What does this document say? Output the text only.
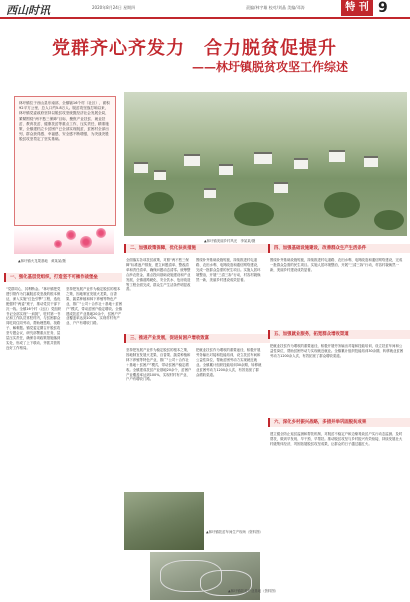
西山时讯	2020年8月24日 星期四	责编/林宇雄 校对/刘晶 美编/邓涛	特 刊 9
党群齐心齐发力　合力脱贫促提升
——林圩镇脱贫攻坚工作综述
林圩镇位于西山县东南部，全镇辖16个村（社区），面积92平方公里，总人口约5.8万人。脱贫攻坚战打响以来，林圩镇党委政府坚持以脱贫攻坚统揽经济社会发展全局，紧紧围绕“两不愁三保障”目标，聚焦产业扶贫、就业扶贫、教育扶贫、健康扶贫等重点工作，压实责任，精准施策，全镇建档立卡贫困户已全部实现脱贫，贫困村全部出列，群众获得感、幸福感、安全感不断增强，为决战决胜脱贫攻坚奠定了坚实基础。
▲林圩镇火龙果基地　黄某某/摄
▲林圩镇美丽乡村风光　李某某/摄
一、强化基层党组织，打造坚不可摧作战堡垒
“党群同心，其利断金。”林圩镇把党建引领作为打赢脱贫攻坚战的根本保证，深入实施“红色引擎”工程，选优配强村“两委”班子，推动党员干部下沉一线。全镇16个村（社区）党组织书记全部实现“一肩挑”，驻村第一书记和工作队员常驻村内，与贫困群众同吃同住同劳动，帮助理思路、找路子、解难题。镇党委定期召开脱贫攻坚专题会议，研究部署重点任务，层层压实责任，确保各项政策措施落到实处，形成了上下联动、齐抓共管的良好工作格局。
坚持把发展产业作为稳定脱贫的根本之策，因地制宜发展火龙果、百香果、蔬菜种植和林下养殖等特色产业，推广“公司＋合作社＋基地＋贫困户”模式，带动贫困户稳定增收。全镇建成扶贫产业基地20余个，贫困户产业覆盖率达到100%，实现村村有产业、户户有增收门路。
二、加强政策保障，优化扶贫措施
全面落实各项扶贫政策，对照“两不愁三保障”标准逐户排查，建立问题清单、整改清单和责任清单，确保问题动态清零。统筹整合涉农资金，重点投向基础设施建设和产业发展，全镇道路硬化、安全饮水、危房改造等工程全面完成，群众生产生活条件明显改善。
围绕补齐基础设施短板，持续推进村屯道路、农田水利、电网改造和通信网络建设，完成一批群众急需的民生项目。实施人居环境整治，开展“三清三拆”行动，村容村貌焕然一新，美丽乡村建设成效显著。
三、推进产业发展，促进贫困户增收致富
坚持把发展产业作为稳定脱贫的根本之策，因地制宜发展火龙果、百香果、蔬菜种植和林下养殖等特色产业，推广“公司＋合作社＋基地＋贫困户”模式，带动贫困户稳定增收。全镇建成扶贫产业基地20余个，贫困户产业覆盖率达到100%，实现村村有产业、户户有增收门路。
把就业扶贫作为增收的重要途径，积极开展劳务输出对接和技能培训，设立扶贫车间和公益性岗位，帮助贫困劳动力实现就近就业。全镇累计组织技能培训30余期，转移就业贫困劳动力1200余人次，有效拓宽了群众增收渠道。
四、加强基础设施建设，改善群众生产生活条件
围绕补齐基础设施短板，持续推进村屯道路、农田水利、电网改造和通信网络建设，完成一批群众急需的民生项目。实施人居环境整治，开展“三清三拆”行动，村容村貌焕然一新，美丽乡村建设成效显著。
五、加强就业服务，拓宽群众增收渠道
把就业扶贫作为增收的重要途径，积极开展劳务输出对接和技能培训，设立扶贫车间和公益性岗位，帮助贫困劳动力实现就近就业。全镇累计组织技能培训30余期，转移就业贫困劳动力1200余人次，有效拓宽了群众增收渠道。
六、深化乡村振兴战略，多措并举巩固脱贫成果
建立健全防止返贫监测和帮扶机制，对脱贫不稳定户和边缘易致贫户实行动态监测、及时帮扶，做到早发现、早干预、早帮扶。推动脱贫攻坚与乡村振兴有效衔接，持续发展壮大村级集体经济，巩固拓展脱贫攻坚成果，让群众的日子越过越红火。
▲林圩镇扶贫车间生产现场（资料图）
▲林圩镇扶贫产业基地（资料图）
